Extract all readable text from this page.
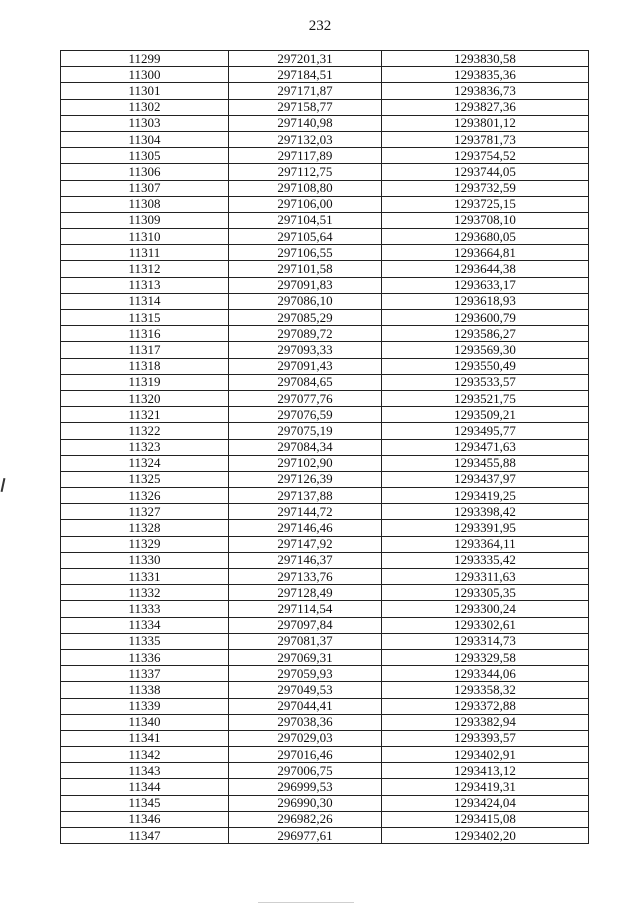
232
11299	297201,31	1293830,58
11300	297184,51	1293835,36
11301	297171,87	1293836,73
11302	297158,77	1293827,36
11303	297140,98	1293801,12
11304	297132,03	1293781,73
11305	297117,89	1293754,52
11306	297112,75	1293744,05
11307	297108,80	1293732,59
11308	297106,00	1293725,15
11309	297104,51	1293708,10
11310	297105,64	1293680,05
11311	297106,55	1293664,81
11312	297101,58	1293644,38
11313	297091,83	1293633,17
11314	297086,10	1293618,93
11315	297085,29	1293600,79
11316	297089,72	1293586,27
11317	297093,33	1293569,30
11318	297091,43	1293550,49
11319	297084,65	1293533,57
11320	297077,76	1293521,75
11321	297076,59	1293509,21
11322	297075,19	1293495,77
11323	297084,34	1293471,63
11324	297102,90	1293455,88
11325	297126,39	1293437,97
11326	297137,88	1293419,25
11327	297144,72	1293398,42
11328	297146,46	1293391,95
11329	297147,92	1293364,11
11330	297146,37	1293335,42
11331	297133,76	1293311,63
11332	297128,49	1293305,35
11333	297114,54	1293300,24
11334	297097,84	1293302,61
11335	297081,37	1293314,73
11336	297069,31	1293329,58
11337	297059,93	1293344,06
11338	297049,53	1293358,32
11339	297044,41	1293372,88
11340	297038,36	1293382,94
11341	297029,03	1293393,57
11342	297016,46	1293402,91
11343	297006,75	1293413,12
11344	296999,53	1293419,31
11345	296990,30	1293424,04
11346	296982,26	1293415,08
11347	296977,61	1293402,20
